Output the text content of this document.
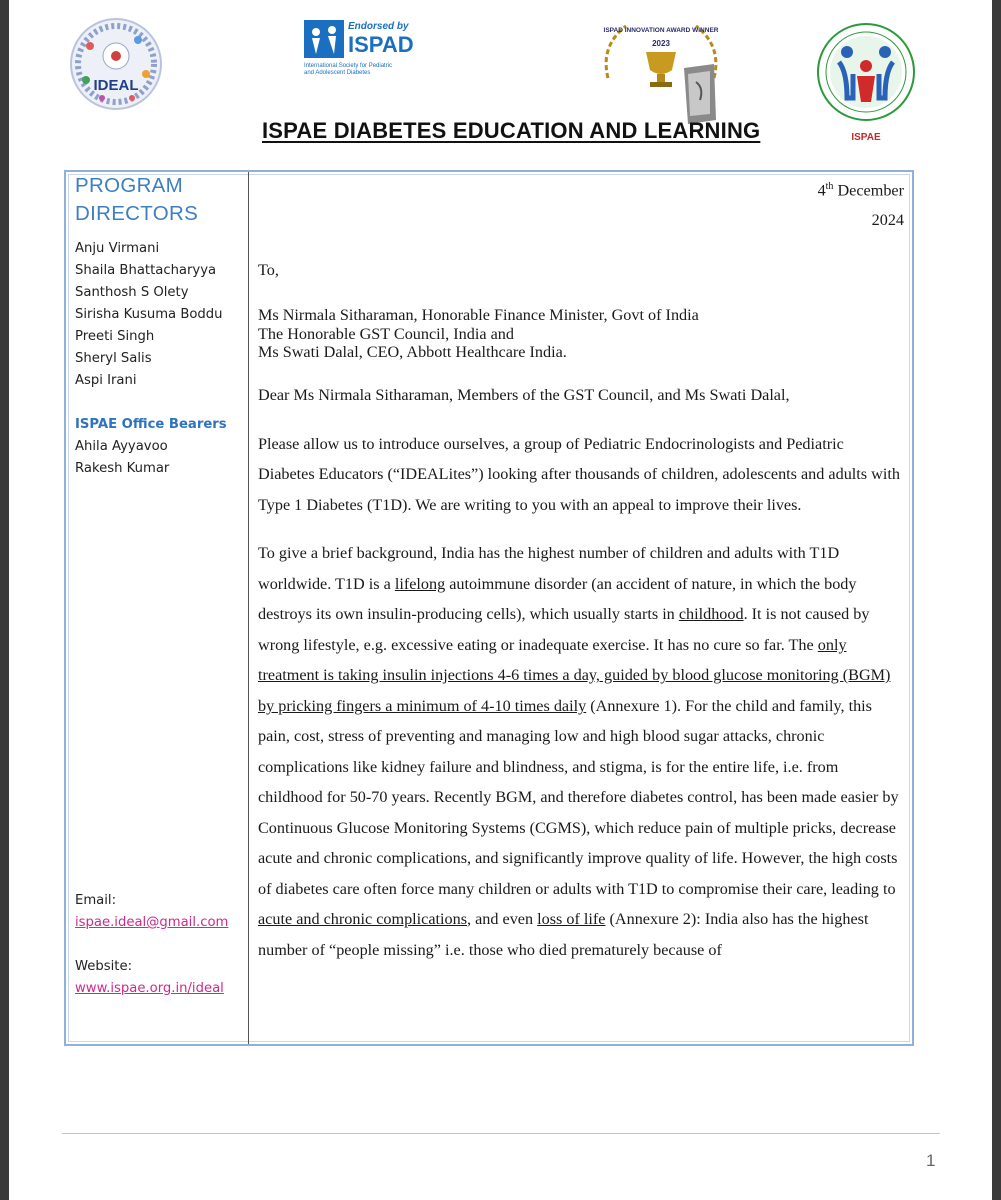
IDEAL
Endorsed by
ISPAD
International Society for Pediatric
and Adolescent Diabetes
ISPAD INNOVATION AWARD WINNER
2023
ISPAE
ISPAE DIABETES EDUCATION AND LEARNING
PROGRAM DIRECTORS
Anju Virmani
Shaila Bhattacharyya
Santhosh S Olety
Sirisha Kusuma Boddu
Preeti Singh
Sheryl Salis
Aspi Irani
ISPAE Office Bearers
Ahila Ayyavoo
Rakesh Kumar
Email:
ispae.ideal@gmail.com
Website:
www.ispae.org.in/ideal

4th December

2024

To,

Ms Nirmala Sitharaman, Honorable Finance Minister, Govt of India
The Honorable GST Council, India and
Ms Swati Dalal, CEO, Abbott Healthcare India.

Dear Ms Nirmala Sitharaman, Members of the GST Council, and Ms Swati Dalal,

Please allow us to introduce ourselves, a group of Pediatric Endocrinologists and Pediatric Diabetes Educators (“IDEALites”) looking after thousands of children, adolescents and adults with Type 1 Diabetes (T1D). We are writing to you with an appeal to improve their lives.

To give a brief background, India has the highest number of children and adults with T1D worldwide. T1D is a lifelong autoimmune disorder (an accident of nature, in which the body destroys its own insulin-producing cells), which usually starts in childhood. It is not caused by wrong lifestyle, e.g. excessive eating or inadequate exercise. It has no cure so far. The only treatment is taking insulin injections 4-6 times a day, guided by blood glucose monitoring (BGM) by pricking fingers a minimum of 4-10 times daily (Annexure 1). For the child and family, this pain, cost, stress of preventing and managing low and high blood sugar attacks, chronic complications like kidney failure and blindness, and stigma, is for the entire life, i.e. from childhood for 50-70 years. Recently BGM, and therefore diabetes control, has been made easier by Continuous Glucose Monitoring Systems (CGMS), which reduce pain of multiple pricks, decrease acute and chronic complications, and significantly improve quality of life. However, the high costs of diabetes care often force many children or adults with T1D to compromise their care, leading to acute and chronic complications, and even loss of life (Annexure 2): India also has the highest number of “people missing” i.e. those who died prematurely because of

1
